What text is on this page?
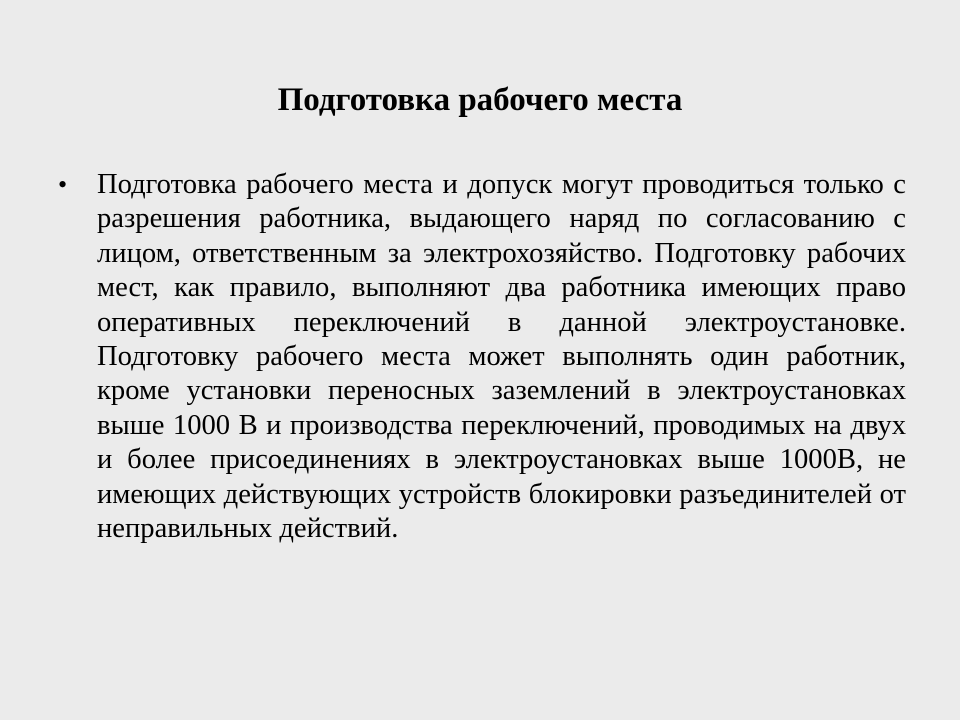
Подготовка рабочего места
• Подготовка рабочего места и допуск могут проводиться только с разрешения работника, выдающего наряд по согласованию с лицом, ответственным за электрохозяйство. Подготовку рабочих мест, как правило, выполняют два работника имеющих право оперативных переключений в данной электроустановке. Подготовку рабочего места может выполнять один работник, кроме установки переносных заземлений в электроустановках выше 1000 В и производства переключений, проводимых на двух и более присоединениях в электроустановках выше 1000В, не имеющих действующих устройств блокировки разъединителей от неправильных действий.
